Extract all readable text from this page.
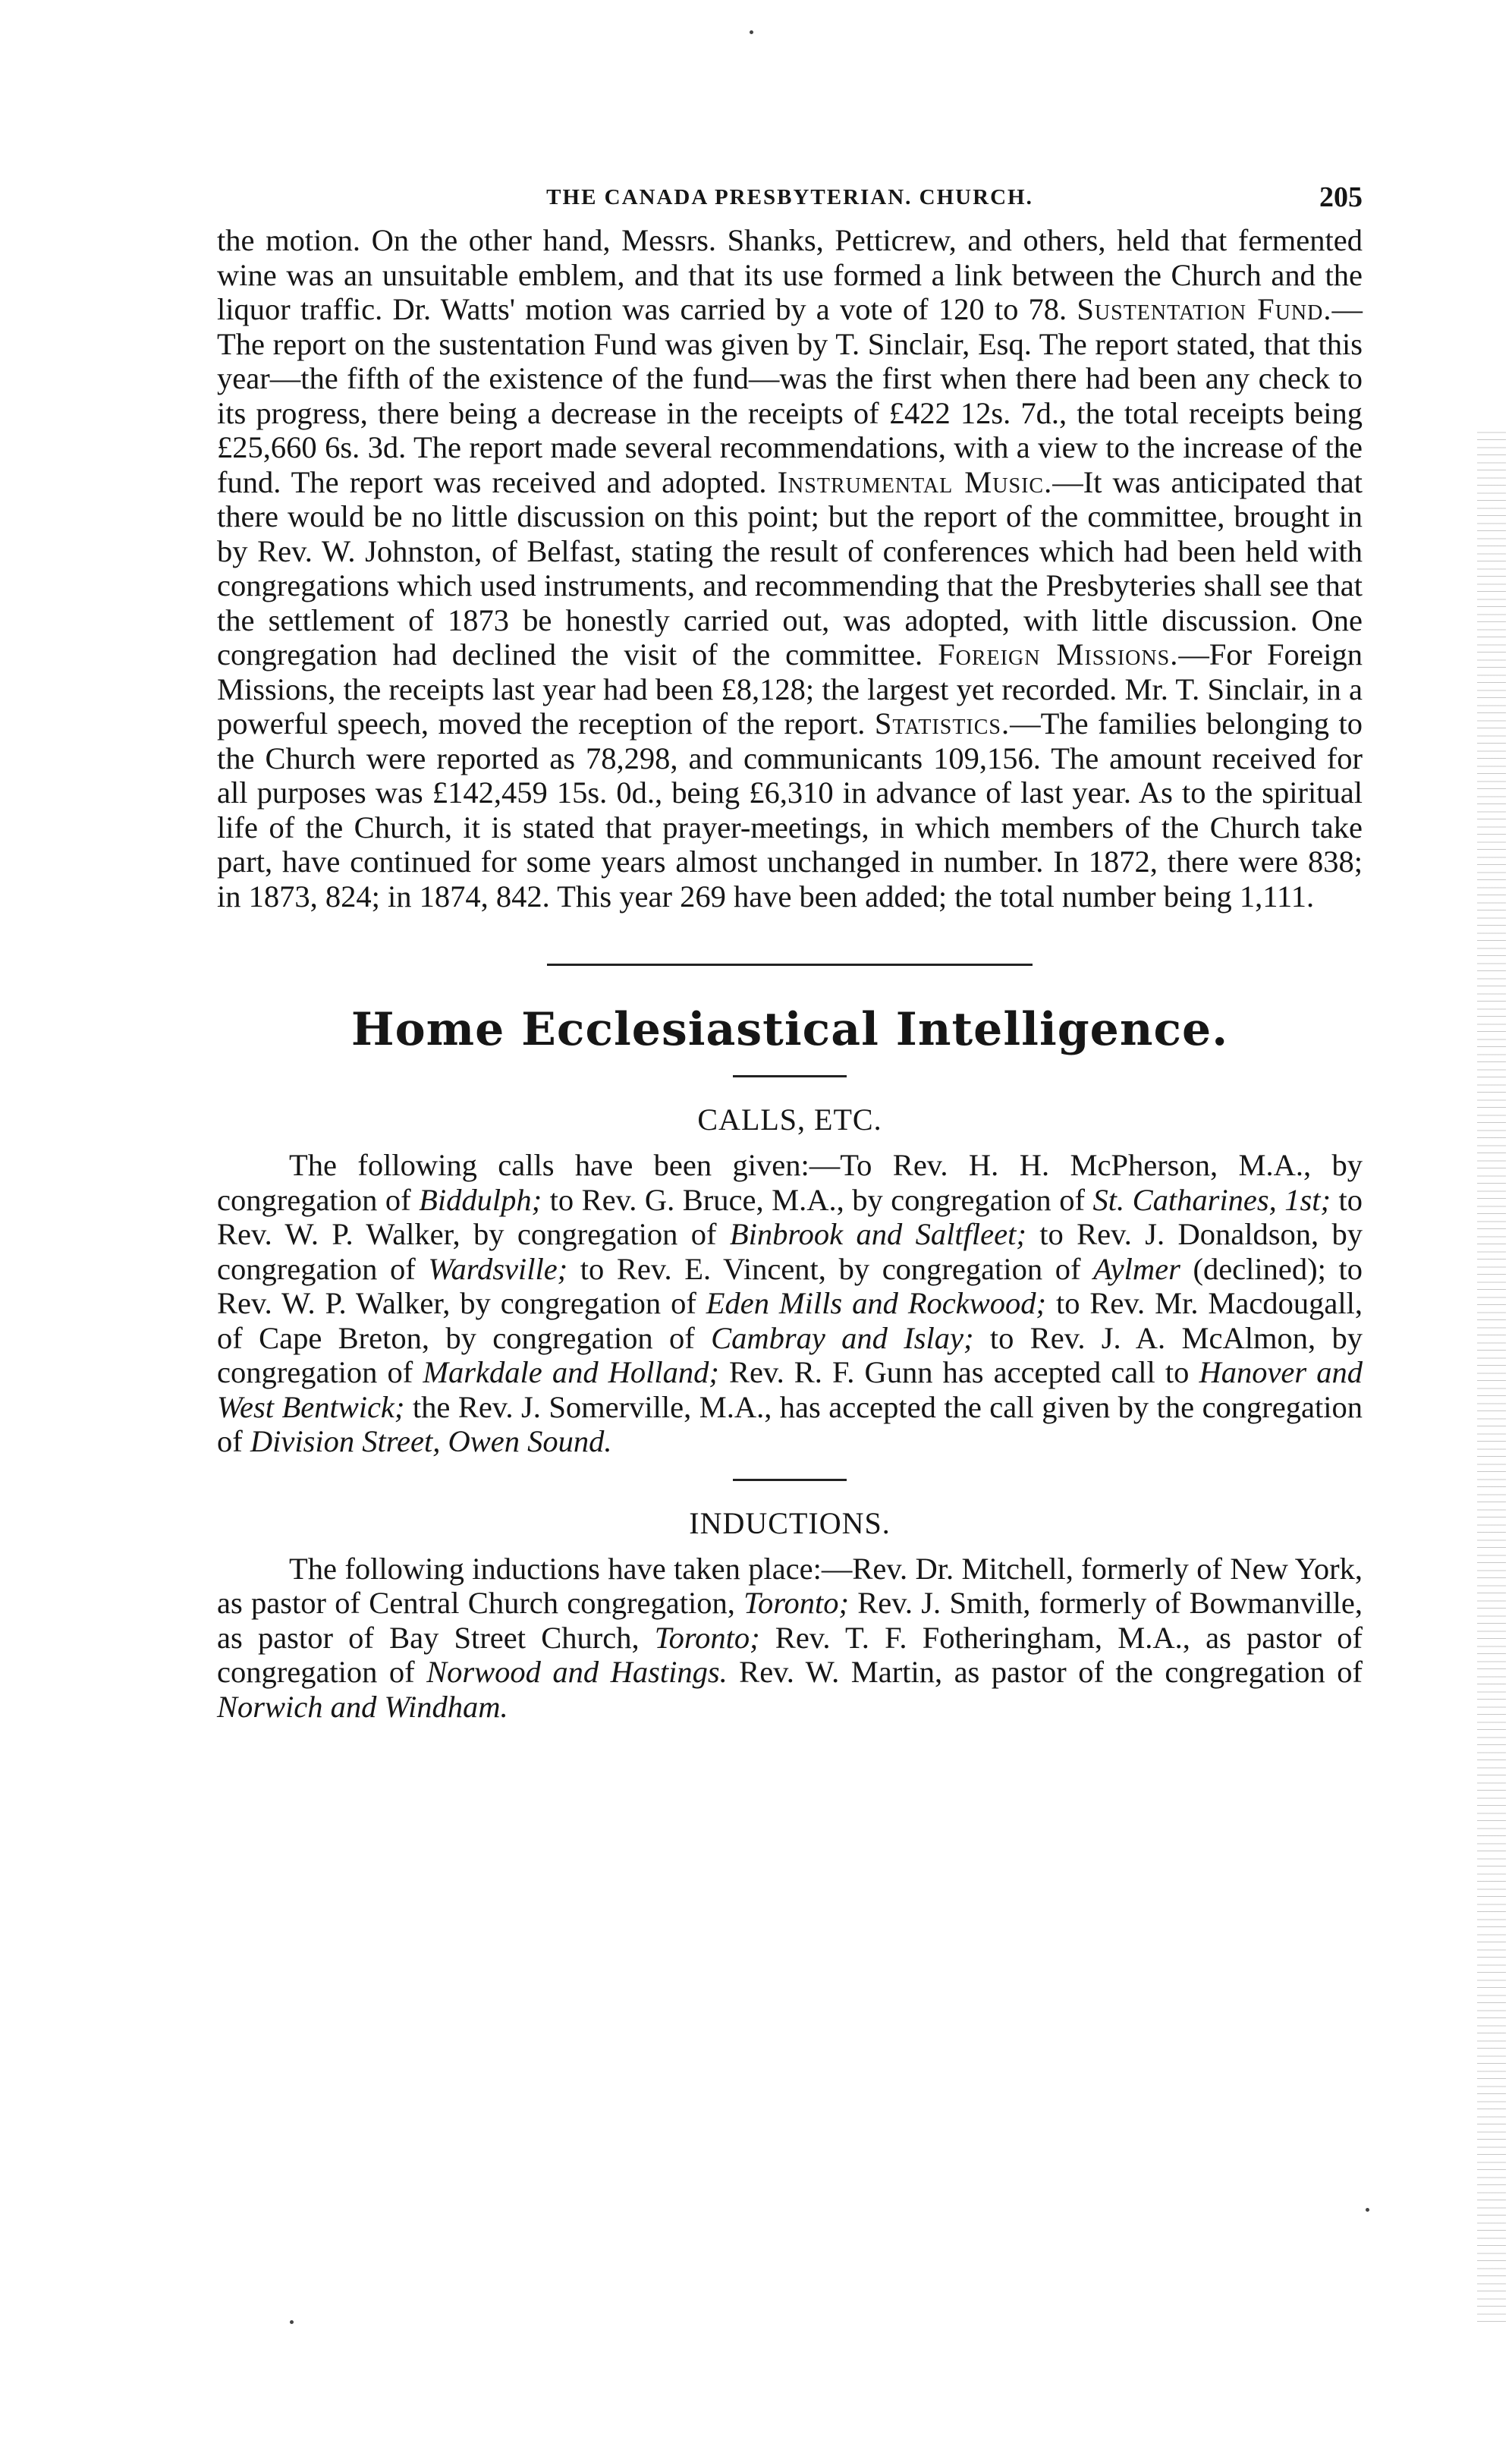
THE CANADA PRESBYTERIAN. CHURCH.	205

the motion. On the other hand, Messrs. Shanks, Petticrew, and others, held that fermented wine was an unsuitable emblem, and that its use formed a link between the Church and the liquor traffic. Dr. Watts' motion was carried by a vote of 120 to 78. Sustentation Fund.—The report on the sustentation Fund was given by T. Sinclair, Esq. The report stated, that this year—the fifth of the existence of the fund—was the first when there had been any check to its progress, there being a decrease in the receipts of £422 12s. 7d., the total receipts being £25,660 6s. 3d. The report made several recommendations, with a view to the increase of the fund. The report was received and adopted. Instrumental Music.—It was anticipated that there would be no little discussion on this point; but the report of the committee, brought in by Rev. W. Johnston, of Belfast, stating the result of conferences which had been held with congregations which used instruments, and recommending that the Presbyteries shall see that the settlement of 1873 be honestly carried out, was adopted, with little discussion. One congregation had declined the visit of the committee. Foreign Missions.—For Foreign Missions, the receipts last year had been £8,128; the largest yet recorded. Mr. T. Sinclair, in a powerful speech, moved the reception of the report. Statistics.—The families belonging to the Church were reported as 78,298, and communicants 109,156. The amount received for all purposes was £142,459 15s. 0d., being £6,310 in advance of last year. As to the spiritual life of the Church, it is stated that prayer-meetings, in which members of the Church take part, have continued for some years almost unchanged in number. In 1872, there were 838; in 1873, 824; in 1874, 842. This year 269 have been added; the total number being 1,111.

Home Ecclesiastical Intelligence.
CALLS, ETC.

The following calls have been given:—To Rev. H. H. McPherson, M.A., by congregation of Biddulph; to Rev. G. Bruce, M.A., by congregation of St. Catharines, 1st; to Rev. W. P. Walker, by congregation of Binbrook and Saltfleet; to Rev. J. Donaldson, by congregation of Wardsville; to Rev. E. Vincent, by congregation of Aylmer (declined); to Rev. W. P. Walker, by congregation of Eden Mills and Rockwood; to Rev. Mr. Macdougall, of Cape Breton, by congregation of Cambray and Islay; to Rev. J. A. McAlmon, by congregation of Markdale and Holland; Rev. R. F. Gunn has accepted call to Hanover and West Bentwick; the Rev. J. Somerville, M.A., has accepted the call given by the congregation of Division Street, Owen Sound.

INDUCTIONS.

The following inductions have taken place:—Rev. Dr. Mitchell, formerly of New York, as pastor of Central Church congregation, Toronto; Rev. J. Smith, formerly of Bowmanville, as pastor of Bay Street Church, Toronto; Rev. T. F. Fotheringham, M.A., as pastor of congregation of Norwood and Hastings. Rev. W. Martin, as pastor of the congregation of Norwich and Windham.
